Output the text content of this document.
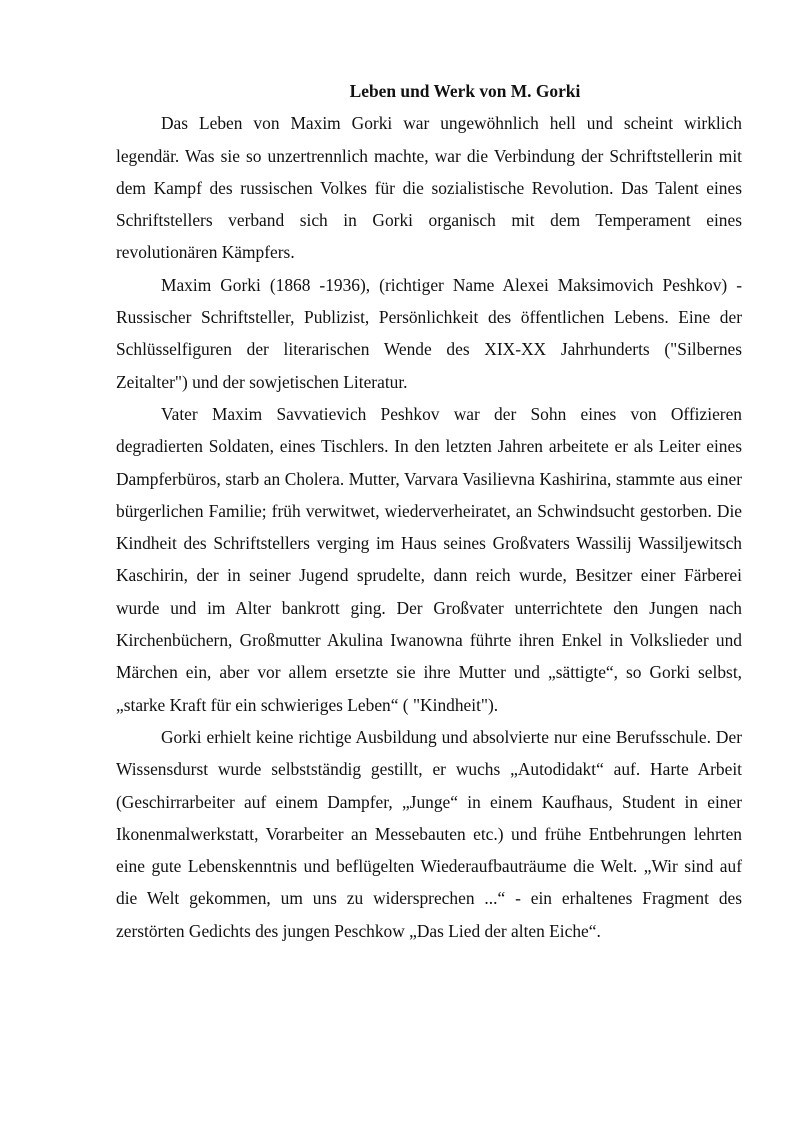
Leben und Werk von M. Gorki

Das Leben von Maxim Gorki war ungewöhnlich hell und scheint wirklich legendär. Was sie so unzertrennlich machte, war die Verbindung der Schriftstellerin mit dem Kampf des russischen Volkes für die sozialistische Revolution. Das Talent eines Schriftstellers verband sich in Gorki organisch mit dem Temperament eines revolutionären Kämpfers.

Maxim Gorki (1868 -1936), (richtiger Name Alexei Maksimovich Peshkov) - Russischer Schriftsteller, Publizist, Persönlichkeit des öffentlichen Lebens. Eine der Schlüsselfiguren der literarischen Wende des XIX-XX Jahrhunderts ("Silbernes Zeitalter") und der sowjetischen Literatur.

Vater Maxim Savvatievich Peshkov war der Sohn eines von Offizieren degradierten Soldaten, eines Tischlers. In den letzten Jahren arbeitete er als Leiter eines Dampferbüros, starb an Cholera. Mutter, Varvara Vasilievna Kashirina, stammte aus einer bürgerlichen Familie; früh verwitwet, wiederverheiratet, an Schwindsucht gestorben. Die Kindheit des Schriftstellers verging im Haus seines Großvaters Wassilij Wassiljewitsch Kaschirin, der in seiner Jugend sprudelte, dann reich wurde, Besitzer einer Färberei wurde und im Alter bankrott ging. Der Großvater unterrichtete den Jungen nach Kirchenbüchern, Großmutter Akulina Iwanowna führte ihren Enkel in Volkslieder und Märchen ein, aber vor allem ersetzte sie ihre Mutter und „sättigte“, so Gorki selbst, „starke Kraft für ein schwieriges Leben“ ( "Kindheit").

Gorki erhielt keine richtige Ausbildung und absolvierte nur eine Berufsschule. Der Wissensdurst wurde selbstständig gestillt, er wuchs „Autodidakt“ auf. Harte Arbeit (Geschirrarbeiter auf einem Dampfer, „Junge“ in einem Kaufhaus, Student in einer Ikonenmalwerkstatt, Vorarbeiter an Messebauten etc.) und frühe Entbehrungen lehrten eine gute Lebenskenntnis und beflügelten Wiederaufbauträume die Welt. „Wir sind auf die Welt gekommen, um uns zu widersprechen ...“ - ein erhaltenes Fragment des zerstörten Gedichts des jungen Peschkow „Das Lied der alten Eiche“.
